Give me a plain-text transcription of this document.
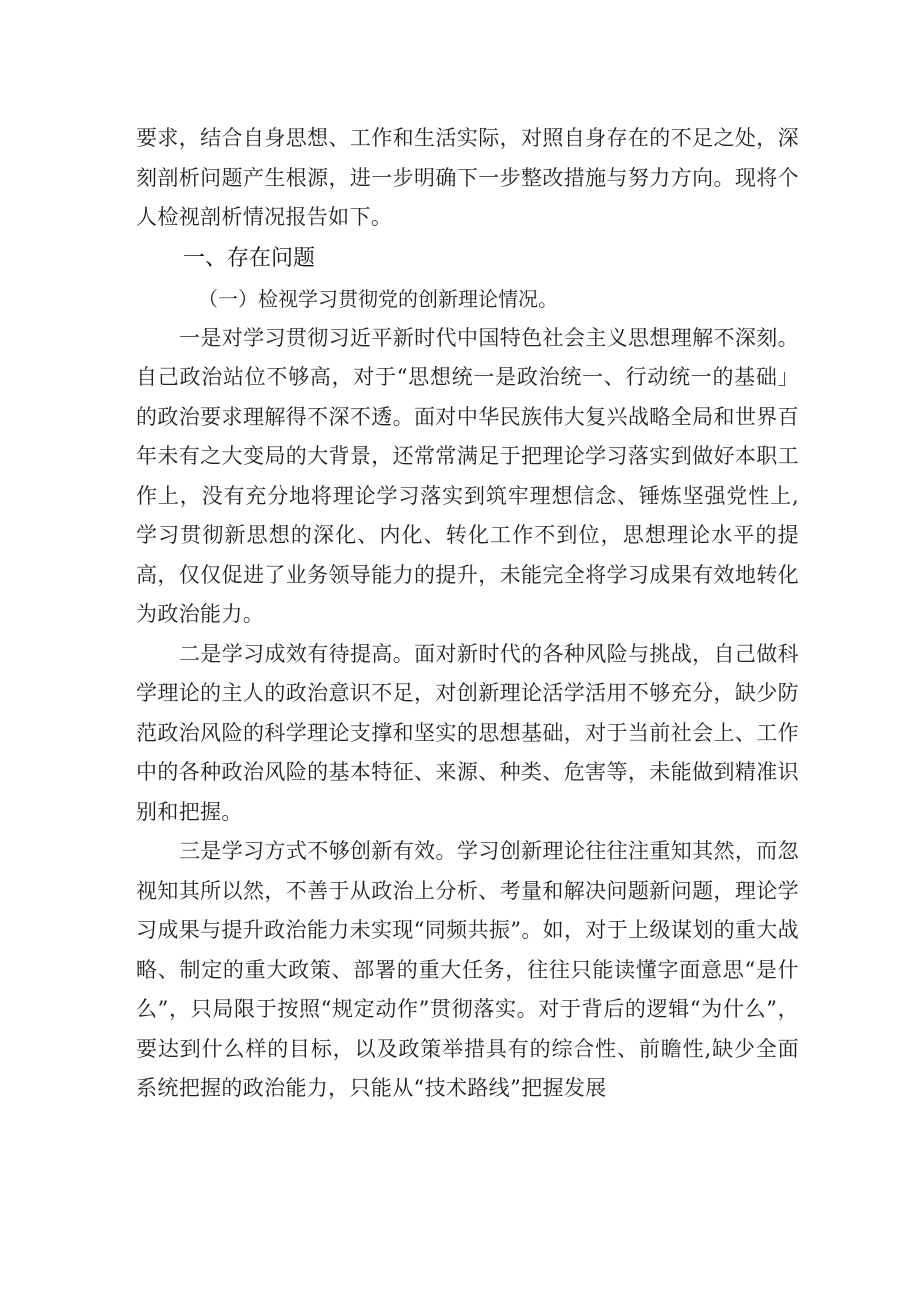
要求，结合自身思想、工作和生活实际，对照自身存在的不足之处，深刻剖析问题产生根源，进一步明确下一步整改措施与努力方向。现将个人检视剖析情况报告如下。

一、存在问题

（一）检视学习贯彻党的创新理论情况。

一是对学习贯彻习近平新时代中国特色社会主义思想理解不深刻。自己政治站位不够高，对于“思想统一是政治统一、行动统一的基础」的政治要求理解得不深不透。面对中华民族伟大复兴战略全局和世界百年未有之大变局的大背景，还常常满足于把理论学习落实到做好本职工作上，没有充分地将理论学习落实到筑牢理想信念、锤炼坚强党性上,学习贯彻新思想的深化、内化、转化工作不到位，思想理论水平的提高，仅仅促进了业务领导能力的提升，未能完全将学习成果有效地转化为政治能力。

二是学习成效有待提高。面对新时代的各种风险与挑战，自己做科学理论的主人的政治意识不足，对创新理论活学活用不够充分，缺少防范政治风险的科学理论支撑和坚实的思想基础，对于当前社会上、工作中的各种政治风险的基本特征、来源、种类、危害等，未能做到精准识别和把握。

三是学习方式不够创新有效。学习创新理论往往注重知其然，而忽视知其所以然，不善于从政治上分析、考量和解决问题新问题，理论学习成果与提升政治能力未实现“同频共振”。如，对于上级谋划的重大战略、制定的重大政策、部署的重大任务，往往只能读懂字面意思“是什么”，只局限于按照“规定动作”贯彻落实。对于背后的逻辑“为什么”，要达到什么样的目标，以及政策举措具有的综合性、前瞻性,缺少全面系统把握的政治能力，只能从“技术路线”把握发展
